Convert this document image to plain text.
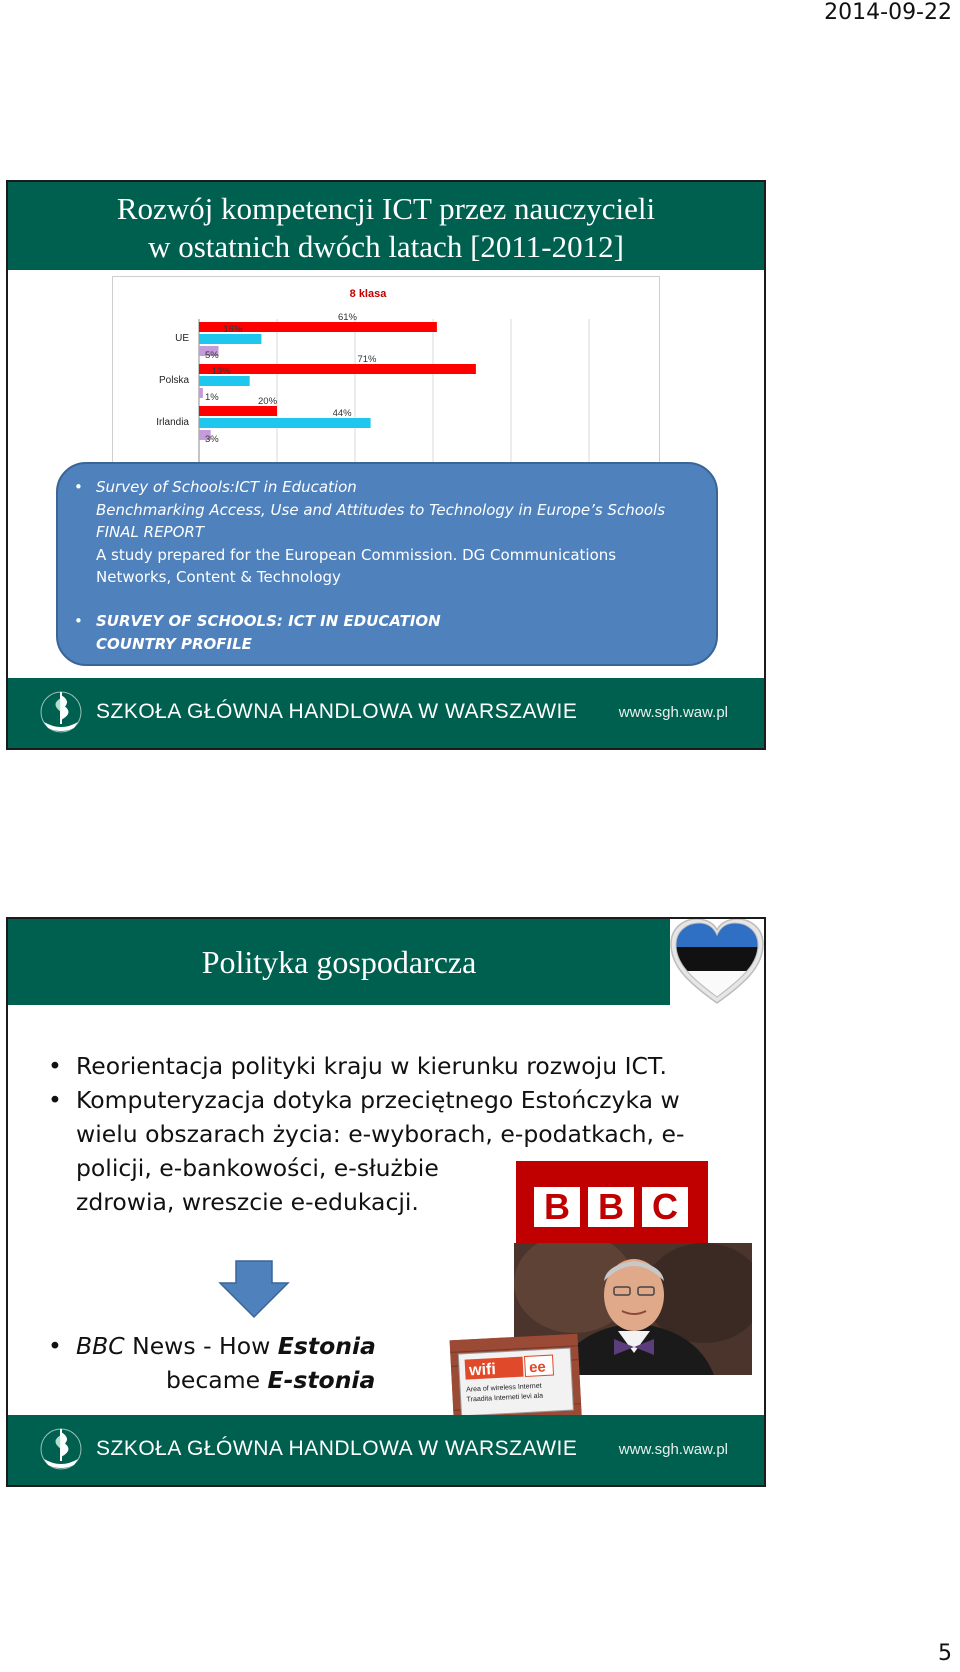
2014-09-22
Rozwój kompetencji ICT przez nauczycieli
w ostatnich dwóch latach [2011-2012]
8 klasa
UE
61%
16%
5%
Polska
71%
13%
1%
Irlandia
20%
44%
3%
• Survey of Schools:ICT in Education
Benchmarking Access, Use and Attitudes to Technology in Europe’s Schools
FINAL REPORT
A study prepared for the European Commission. DG Communications
Networks, Content & Technology
• SURVEY OF SCHOOLS: ICT IN EDUCATION
COUNTRY PROFILE
SZKOŁA GŁÓWNA HANDLOWA W WARSZAWIE	www.sgh.waw.pl
Polityka gospodarcza
• Reorientacja polityki kraju w kierunku rozwoju ICT.
• Komputeryzacja dotyka przeciętnego Estończyka w
wielu obszarach życia: e-wyborach, e-podatkach, e-
policji, e-bankowości, e-służbie
zdrowia, wreszcie e-edukacji.
• BBC News - How Estonia
became E-stonia
B B C
wifi ee
Area of wireless Internet
Traadita Interneti levi ala
SZKOŁA GŁÓWNA HANDLOWA W WARSZAWIE	www.sgh.waw.pl
5
